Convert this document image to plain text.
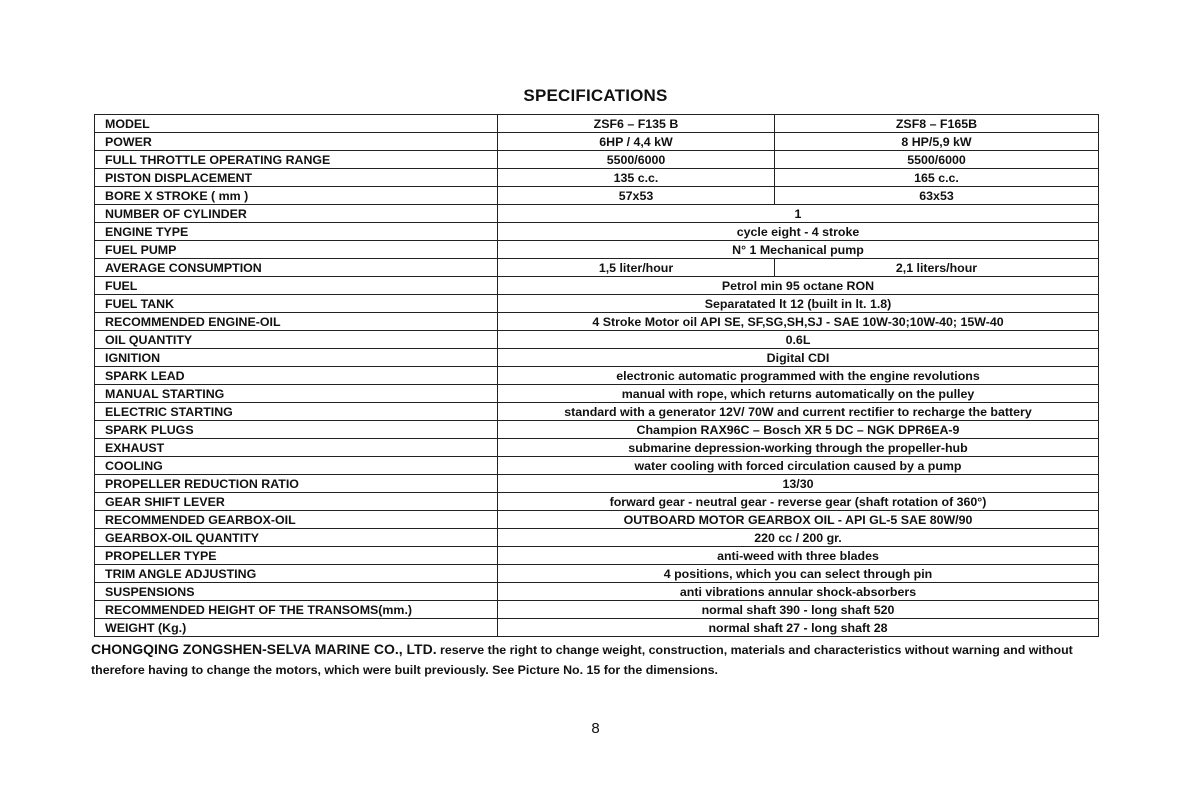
SPECIFICATIONS
MODEL	ZSF6 – F135 B	ZSF8 – F165B
POWER	6HP / 4,4 kW	8 HP/5,9 kW
FULL THROTTLE OPERATING RANGE	5500/6000	5500/6000
PISTON DISPLACEMENT	135 c.c.	165 c.c.
BORE X STROKE ( mm )	57x53	63x53
NUMBER OF CYLINDER	1	
ENGINE TYPE	cycle eight - 4 stroke	
FUEL PUMP	N° 1 Mechanical pump	
AVERAGE CONSUMPTION	1,5 liter/hour	2,1 liters/hour
FUEL	Petrol min 95 octane RON	
FUEL TANK	Separatated lt 12 (built in lt. 1.8)	
RECOMMENDED ENGINE-OIL	4 Stroke Motor oil API SE, SF,SG,SH,SJ - SAE 10W-30;10W-40; 15W-40	
OIL QUANTITY	0.6L	
IGNITION	Digital CDI	
SPARK LEAD	electronic automatic programmed with the engine revolutions	
MANUAL STARTING	manual with rope, which returns automatically on the pulley	
ELECTRIC STARTING	standard with a generator 12V/ 70W and current rectifier to recharge the battery	
SPARK PLUGS	Champion RAX96C – Bosch XR 5 DC – NGK DPR6EA-9	
EXHAUST	submarine depression-working through the propeller-hub	
COOLING	water cooling with forced circulation caused by a pump	
PROPELLER REDUCTION RATIO	13/30	
GEAR SHIFT LEVER	forward gear - neutral gear - reverse gear (shaft rotation of 360°)	
RECOMMENDED GEARBOX-OIL	OUTBOARD MOTOR GEARBOX OIL - API GL-5 SAE 80W/90	
GEARBOX-OIL QUANTITY	220 cc / 200 gr.	
PROPELLER TYPE	anti-weed with three blades	
TRIM ANGLE ADJUSTING	4 positions, which you can select through pin	
SUSPENSIONS	anti vibrations annular shock-absorbers	
RECOMMENDED HEIGHT OF THE TRANSOMS(mm.)	normal shaft 390 - long shaft 520	
WEIGHT (Kg.)	normal shaft 27 - long shaft 28	
CHONGQING ZONGSHEN-SELVA MARINE CO., LTD. reserve the right to change weight, construction, materials and characteristics without warning and without therefore having to change the motors, which were built previously. See Picture No. 15 for the dimensions.
8
